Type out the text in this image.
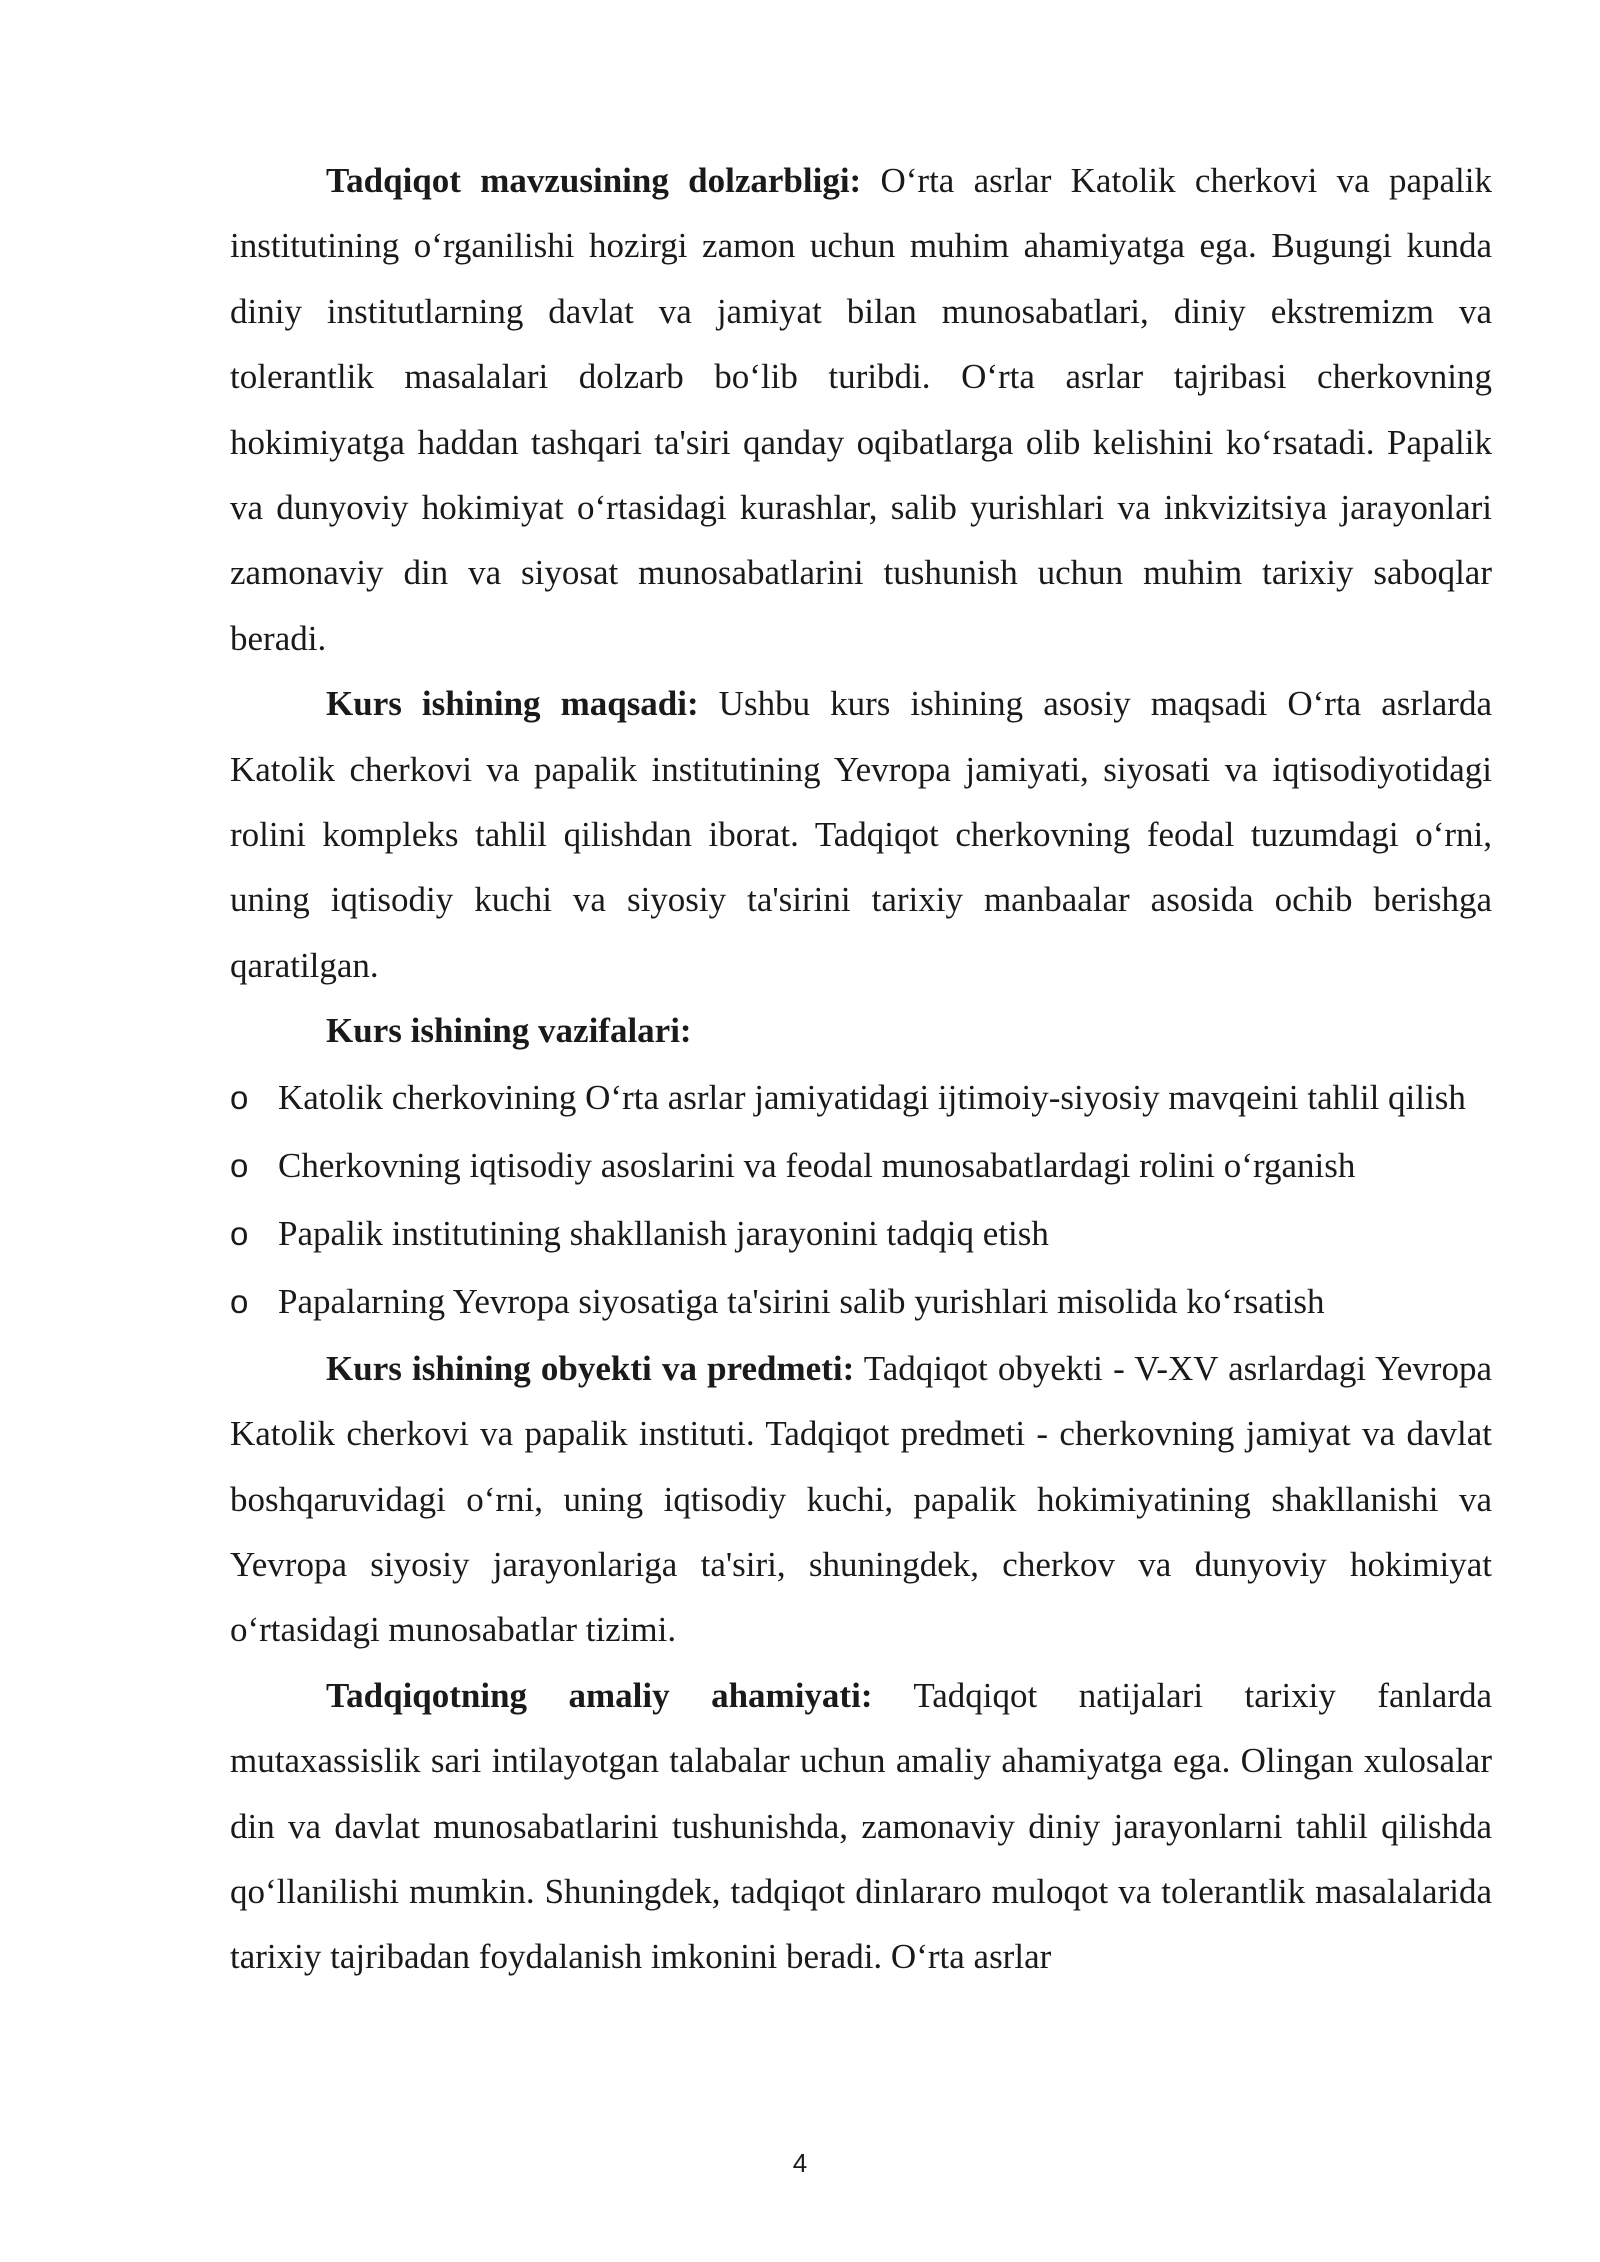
Tadqiqot mavzusining dolzarbligi: O‘rta asrlar Katolik cherkovi va papalik institutining o‘rganilishi hozirgi zamon uchun muhim ahamiyatga ega. Bugungi kunda diniy institutlarning davlat va jamiyat bilan munosabatlari, diniy ekstremizm va tolerantlik masalalari dolzarb bo‘lib turibdi. O‘rta asrlar tajribasi cherkovning hokimiyatga haddan tashqari ta'siri qanday oqibatlarga olib kelishini ko‘rsatadi. Papalik va dunyoviy hokimiyat o‘rtasidagi kurashlar, salib yurishlari va inkvizitsiya jarayonlari zamonaviy din va siyosat munosabatlarini tushunish uchun muhim tarixiy saboqlar beradi.

Kurs ishining maqsadi: Ushbu kurs ishining asosiy maqsadi O‘rta asrlarda Katolik cherkovi va papalik institutining Yevropa jamiyati, siyosati va iqtisodiyotidagi rolini kompleks tahlil qilishdan iborat. Tadqiqot cherkovning feodal tuzumdagi o‘rni, uning iqtisodiy kuchi va siyosiy ta'sirini tarixiy manbaalar asosida ochib berishga qaratilgan.

Kurs ishining vazifalari:

o Katolik cherkovining O‘rta asrlar jamiyatidagi ijtimoiy-siyosiy mavqeini tahlil qilish
o Cherkovning iqtisodiy asoslarini va feodal munosabatlardagi rolini o‘rganish
o Papalik institutining shakllanish jarayonini tadqiq etish
o Papalarning Yevropa siyosatiga ta'sirini salib yurishlari misolida ko‘rsatish

Kurs ishining obyekti va predmeti: Tadqiqot obyekti - V-XV asrlardagi Yevropa Katolik cherkovi va papalik instituti. Tadqiqot predmeti - cherkovning jamiyat va davlat boshqaruvidagi o‘rni, uning iqtisodiy kuchi, papalik hokimiyatining shakllanishi va Yevropa siyosiy jarayonlariga ta'siri, shuningdek, cherkov va dunyoviy hokimiyat o‘rtasidagi munosabatlar tizimi.

Tadqiqotning amaliy ahamiyati: Tadqiqot natijalari tarixiy fanlarda mutaxassislik sari intilayotgan talabalar uchun amaliy ahamiyatga ega. Olingan xulosalar din va davlat munosabatlarini tushunishda, zamonaviy diniy jarayonlarni tahlil qilishda qo‘llanilishi mumkin. Shuningdek, tadqiqot dinlararo muloqot va tolerantlik masalalarida tarixiy tajribadan foydalanish imkonini beradi. O‘rta asrlar

4
